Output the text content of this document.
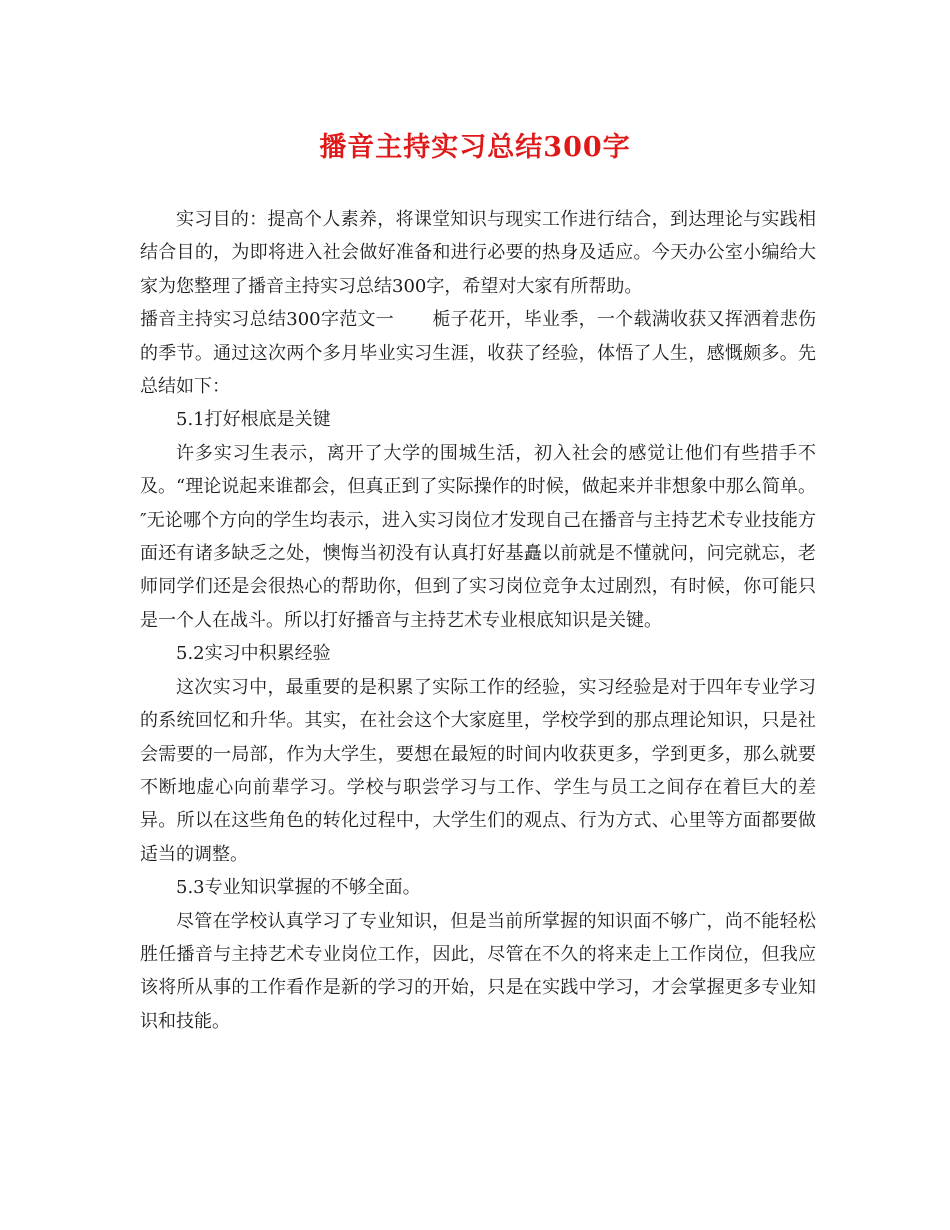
播音主持实习总结300字

实习目的：提高个人素养，将课堂知识与现实工作进行结合，到达理论与实践相结合目的，为即将进入社会做好准备和进行必要的热身及适应。今天办公室小编给大家为您整理了播音主持实习总结300字，希望对大家有所帮助。

播音主持实习总结300字范文一 栀子花开，毕业季，一个载满收获又挥洒着悲伤的季节。通过这次两个多月毕业实习生涯，收获了经验，体悟了人生，感慨颇多。先总结如下：

5.1打好根底是关键

许多实习生表示，离开了大学的围城生活，初入社会的感觉让他们有些措手不及。“理论说起来谁都会，但真正到了实际操作的时候，做起来并非想象中那么简单。″无论哪个方向的学生均表示，进入实习岗位才发现自己在播音与主持艺术专业技能方面还有诸多缺乏之处，懊悔当初没有认真打好基矗以前就是不懂就问，问完就忘，老师同学们还是会很热心的帮助你，但到了实习岗位竞争太过剧烈，有时候，你可能只是一个人在战斗。所以打好播音与主持艺术专业根底知识是关键。

5.2实习中积累经验

这次实习中，最重要的是积累了实际工作的经验，实习经验是对于四年专业学习的系统回忆和升华。其实，在社会这个大家庭里，学校学到的那点理论知识，只是社会需要的一局部，作为大学生，要想在最短的时间内收获更多，学到更多，那么就要不断地虚心向前辈学习。学校与职尝学习与工作、学生与员工之间存在着巨大的差异。所以在这些角色的转化过程中，大学生们的观点、行为方式、心里等方面都要做适当的调整。

5.3专业知识掌握的不够全面。

尽管在学校认真学习了专业知识，但是当前所掌握的知识面不够广，尚不能轻松胜任播音与主持艺术专业岗位工作，因此，尽管在不久的将来走上工作岗位，但我应该将所从事的工作看作是新的学习的开始，只是在实践中学习，才会掌握更多专业知识和技能。
